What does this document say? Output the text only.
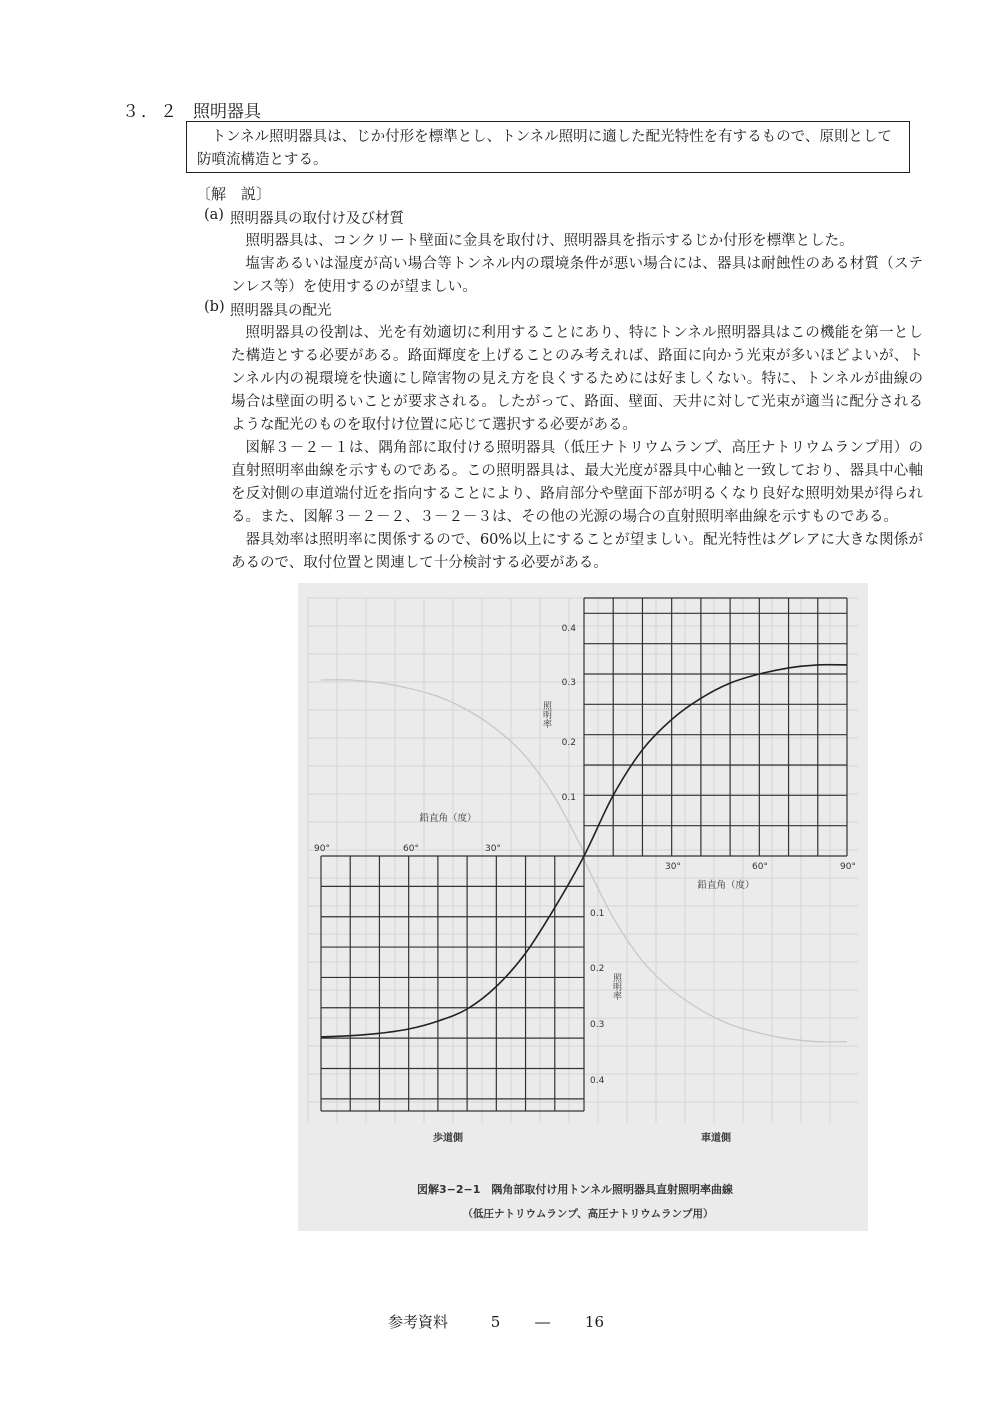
３．２ 照明器具
トンネル照明器具は、じか付形を標準とし、トンネル照明に適した配光特性を有するもので、原則として防噴流構造とする。
〔解　説〕
(a) 照明器具の取付け及び材質
照明器具は、コンクリート壁面に金具を取付け、照明器具を指示するじか付形を標準とした。
塩害あるいは湿度が高い場合等トンネル内の環境条件が悪い場合には、器具は耐蝕性のある材質（ステンレス等）を使用するのが望ましい。
(b) 照明器具の配光
照明器具の役割は、光を有効適切に利用することにあり、特にトンネル照明器具はこの機能を第一とした構造とする必要がある。路面輝度を上げることのみ考えれば、路面に向かう光束が多いほどよいが、トンネル内の視環境を快適にし障害物の見え方を良くするためには好ましくない。特に、トンネルが曲線の場合は壁面の明るいことが要求される。したがって、路面、壁面、天井に対して光束が適当に配分されるような配光のものを取付け位置に応じて選択する必要がある。
図解３－２－１は、隅角部に取付ける照明器具（低圧ナトリウムランプ、高圧ナトリウムランプ用）の直射照明率曲線を示すものである。この照明器具は、最大光度が器具中心軸と一致しており、器具中心軸を反対側の車道端付近を指向することにより、路肩部分や壁面下部が明るくなり良好な照明効果が得られる。また、図解３－２－２、３－２－３は、その他の光源の場合の直射照明率曲線を示すものである。
器具効率は照明率に関係するので、60%以上にすることが望ましい。配光特性はグレアに大きな関係があるので、取付位置と関連して十分検討する必要がある。
0.4
0.3
0.2
0.1
照明率
30°	60°	90°
鉛直角（度）
90°	60°	30°
鉛直角（度）
0.1
0.2
0.3
0.4
照明率
歩道側	車道側
図解3−2−1　隅角部取付け用トンネル照明器具直射照明率曲線
（低圧ナトリウムランプ、高圧ナトリウムランプ用）
参考資料	5 ― 16
